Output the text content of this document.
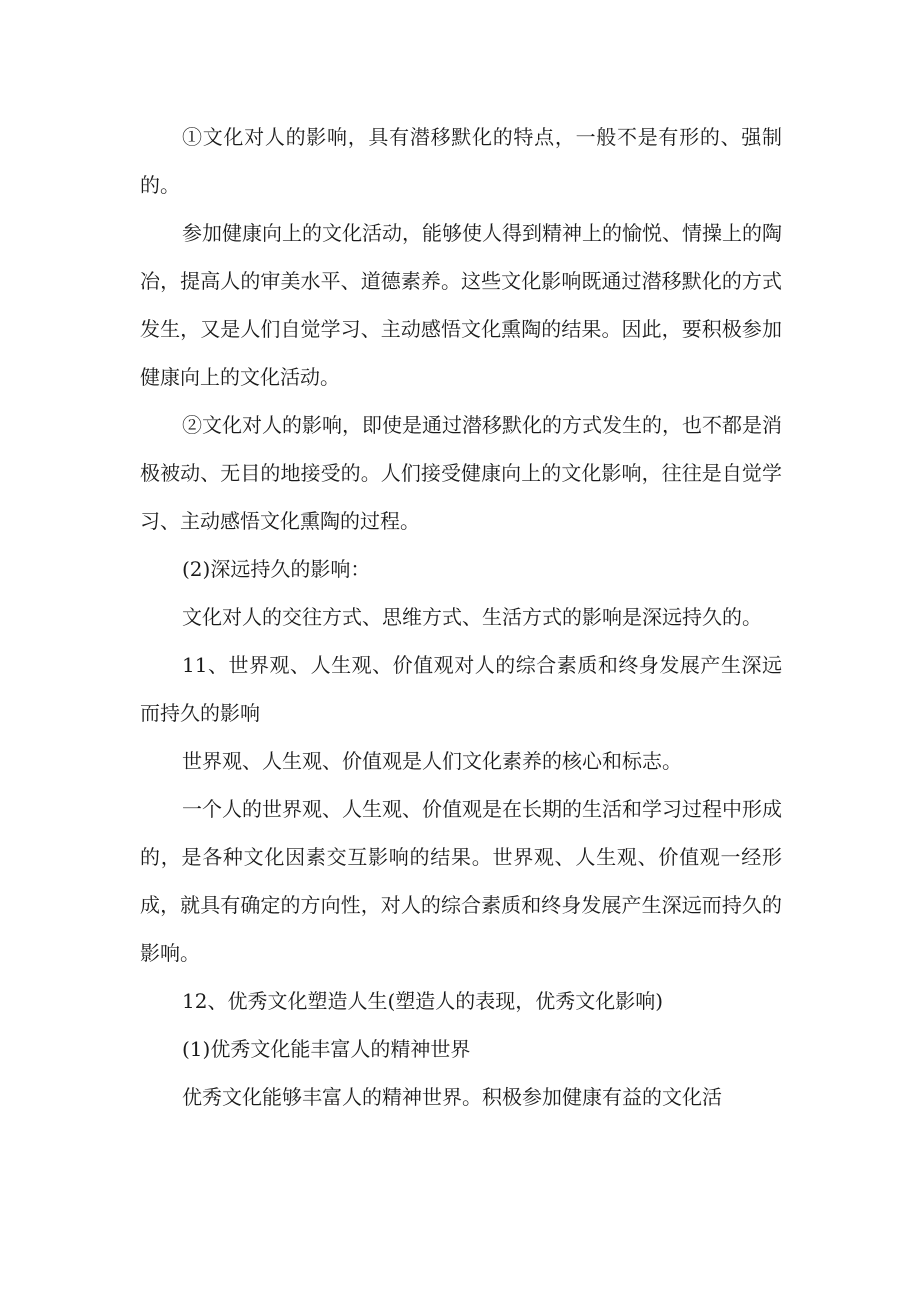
①文化对人的影响，具有潜移默化的特点，一般不是有形的、强制的。

参加健康向上的文化活动，能够使人得到精神上的愉悦、情操上的陶冶，提高人的审美水平、道德素养。这些文化影响既通过潜移默化的方式发生，又是人们自觉学习、主动感悟文化熏陶的结果。因此，要积极参加健康向上的文化活动。

②文化对人的影响，即使是通过潜移默化的方式发生的，也不都是消极被动、无目的地接受的。人们接受健康向上的文化影响，往往是自觉学习、主动感悟文化熏陶的过程。

(2)深远持久的影响：

文化对人的交往方式、思维方式、生活方式的影响是深远持久的。

11、世界观、人生观、价值观对人的综合素质和终身发展产生深远而持久的影响

世界观、人生观、价值观是人们文化素养的核心和标志。

一个人的世界观、人生观、价值观是在长期的生活和学习过程中形成的，是各种文化因素交互影响的结果。世界观、人生观、价值观一经形成，就具有确定的方向性，对人的综合素质和终身发展产生深远而持久的影响。

12、优秀文化塑造人生(塑造人的表现，优秀文化影响)

(1)优秀文化能丰富人的精神世界

优秀文化能够丰富人的精神世界。积极参加健康有益的文化活
